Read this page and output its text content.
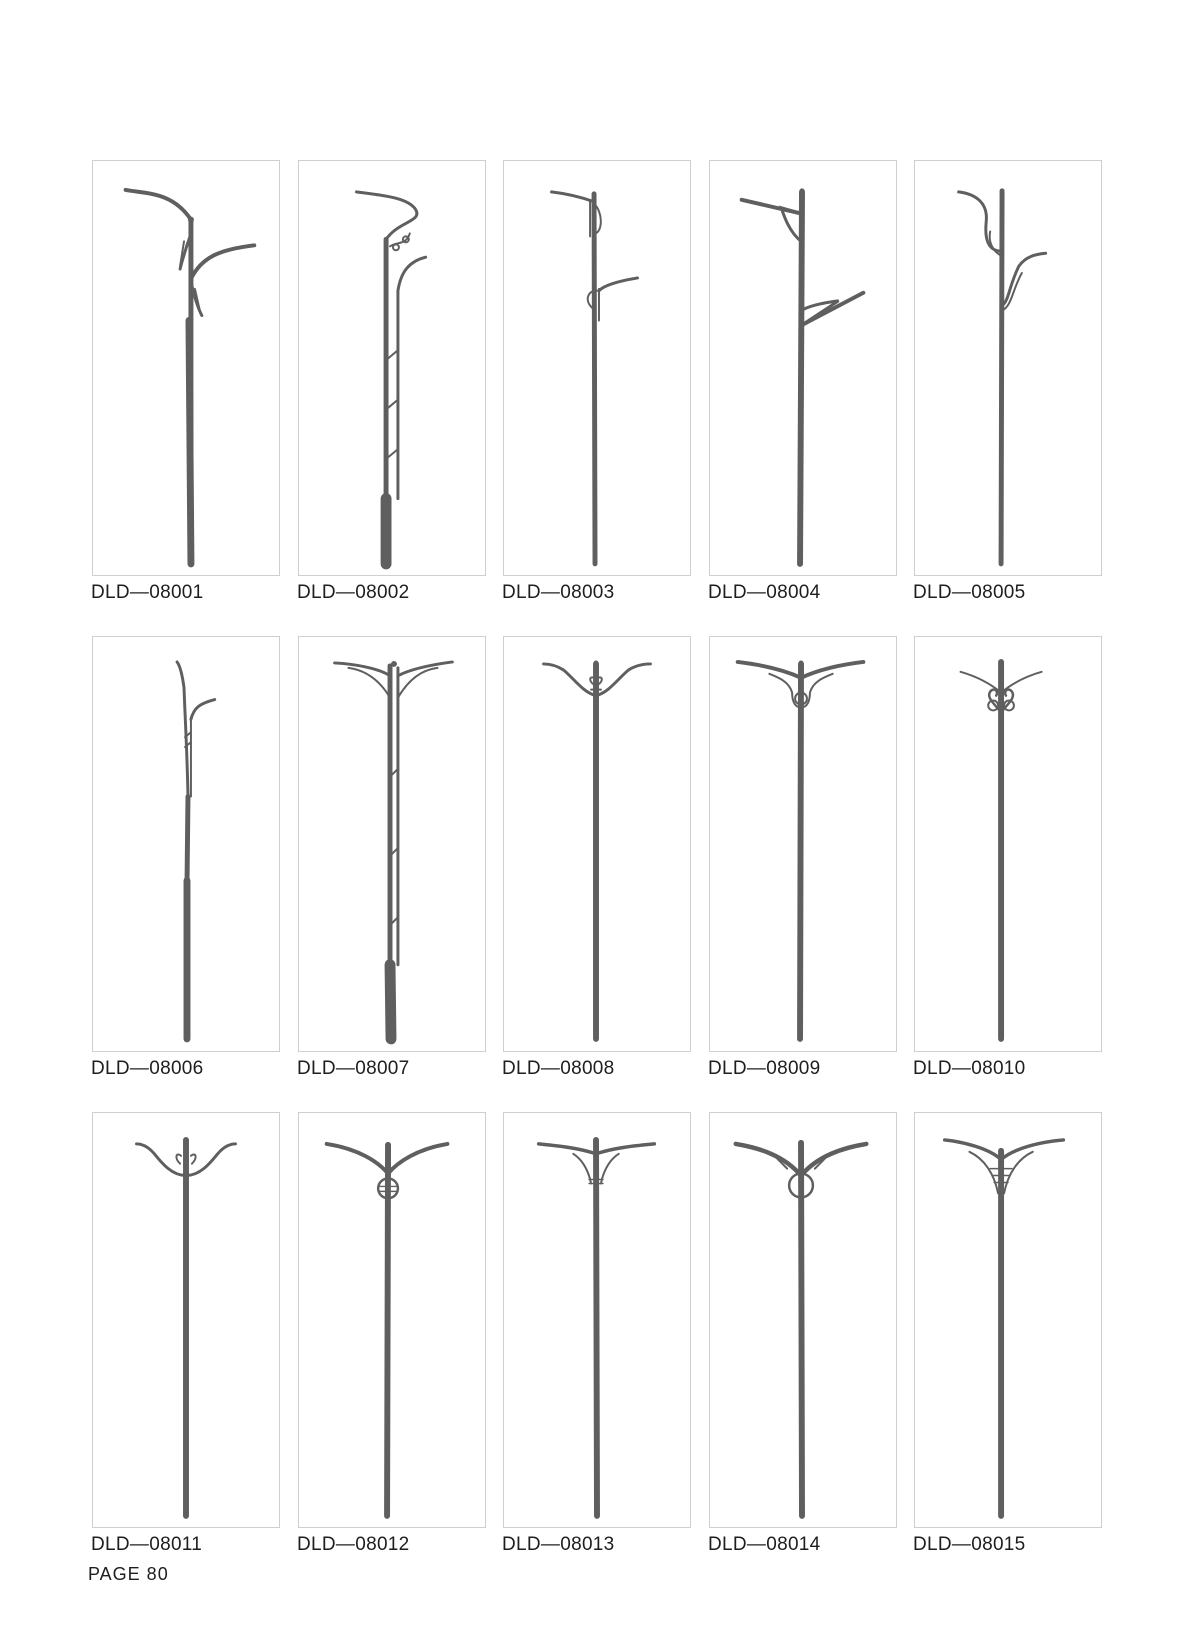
DLD—08001	DLD—08002	DLD—08003	DLD—08004	DLD—08005
DLD—08006	DLD—08007	DLD—08008	DLD—08009	DLD—08010
DLD—08011	DLD—08012	DLD—08013	DLD—08014	DLD—08015
PAGE 80
